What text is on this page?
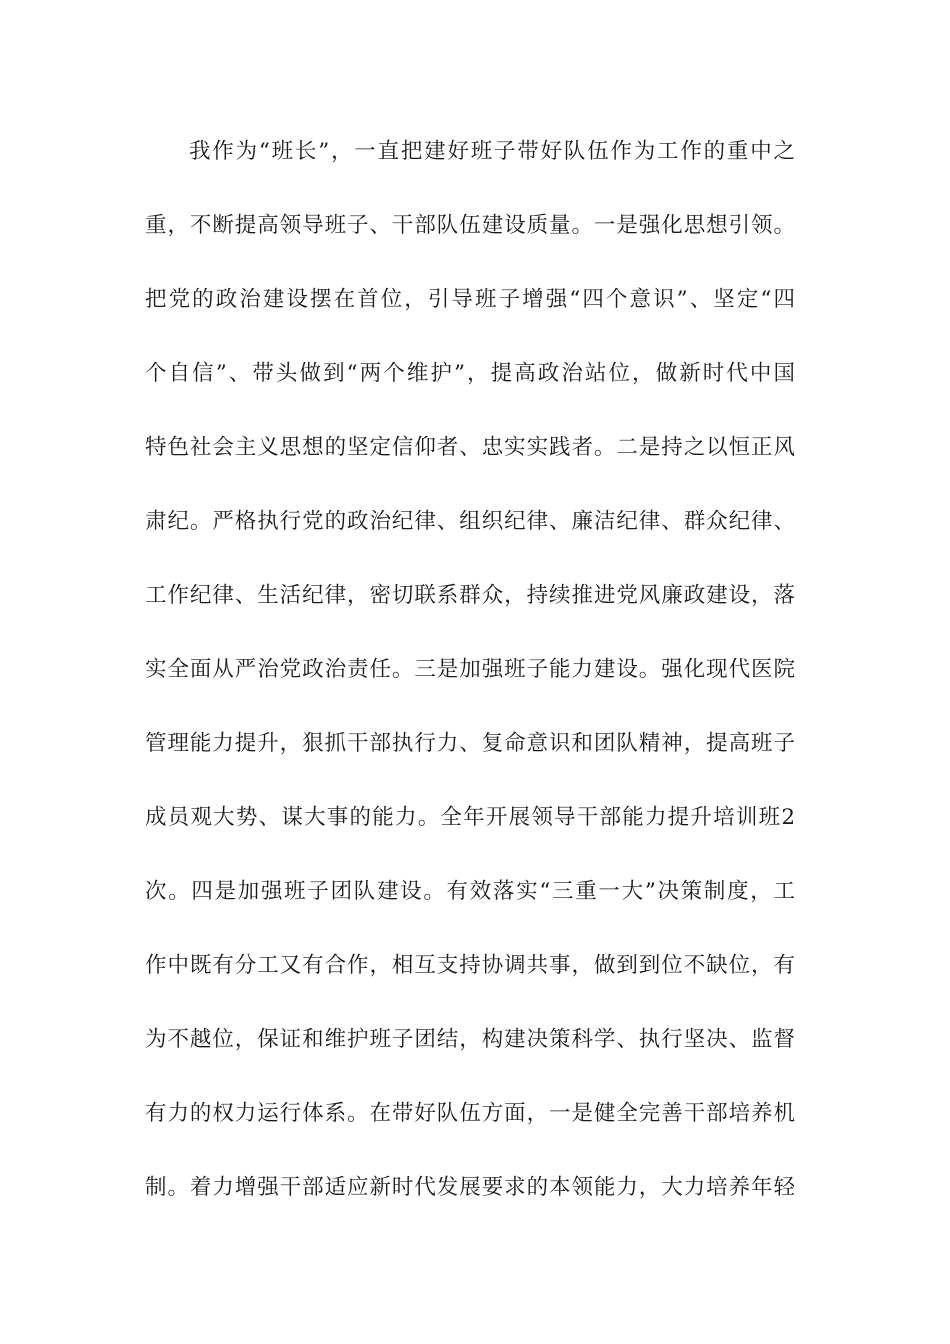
我作为“班长”，一直把建好班子带好队伍作为工作的重中之
重，不断提高领导班子、干部队伍建设质量。一是强化思想引领。
把党的政治建设摆在首位，引导班子增强“四个意识”、坚定“四
个自信”、带头做到“两个维护”，提高政治站位，做新时代中国
特色社会主义思想的坚定信仰者、忠实实践者。二是持之以恒正风
肃纪。严格执行党的政治纪律、组织纪律、廉洁纪律、群众纪律、
工作纪律、生活纪律，密切联系群众，持续推进党风廉政建设，落
实全面从严治党政治责任。三是加强班子能力建设。强化现代医院
管理能力提升，狠抓干部执行力、复命意识和团队精神，提高班子
成员观大势、谋大事的能力。全年开展领导干部能力提升培训班2
次。四是加强班子团队建设。有效落实“三重一大”决策制度，工
作中既有分工又有合作，相互支持协调共事，做到到位不缺位，有
为不越位，保证和维护班子团结，构建决策科学、执行坚决、监督
有力的权力运行体系。在带好队伍方面，一是健全完善干部培养机
制。着力增强干部适应新时代发展要求的本领能力，大力培养年轻
